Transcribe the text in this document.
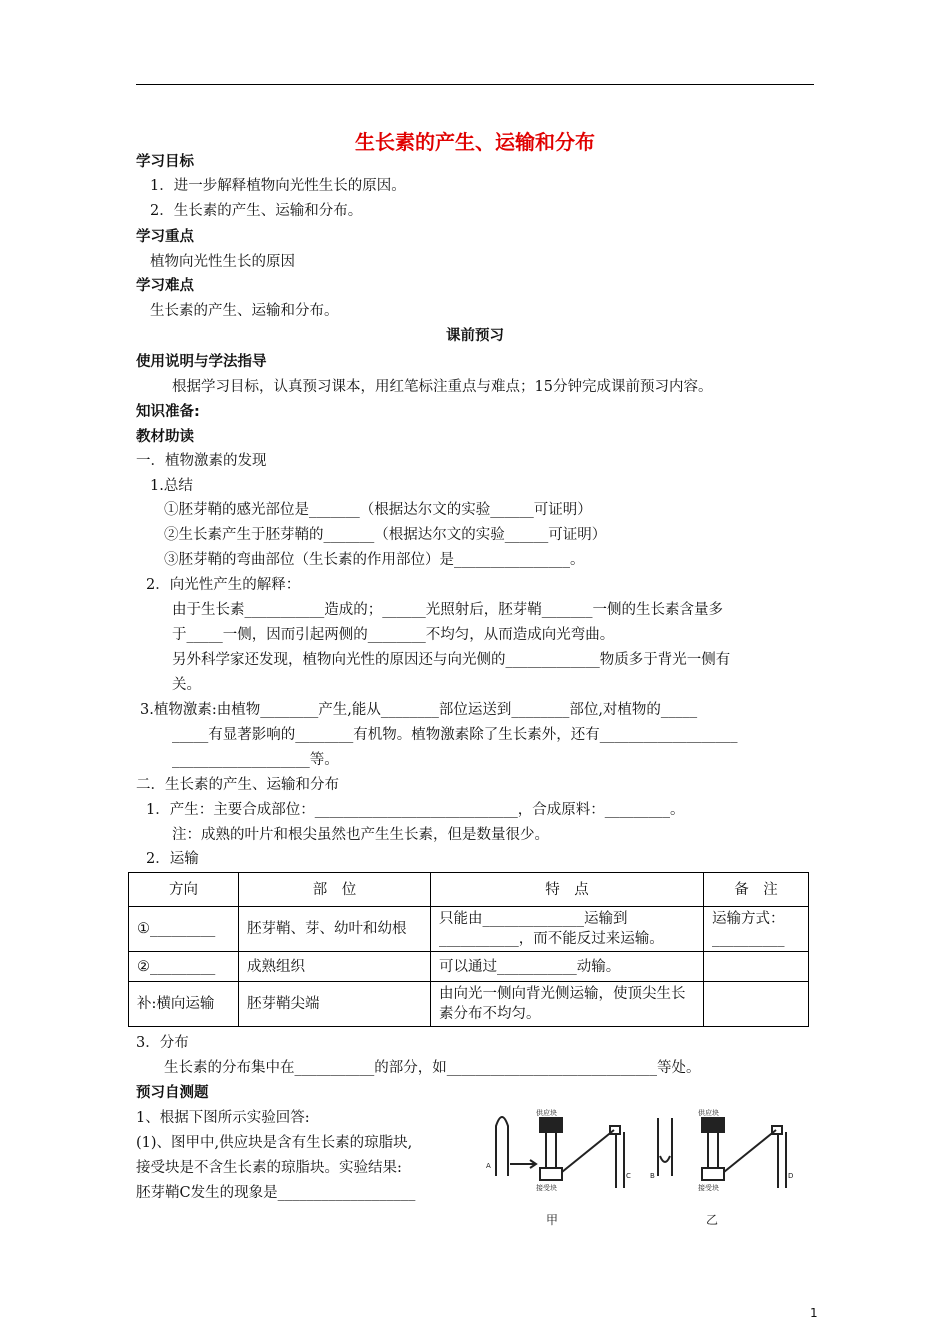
生长素的产生、运输和分布
学习目标
1．进一步解释植物向光性生长的原因。
2．生长素的产生、运输和分布。
学习重点
植物向光性生长的原因
学习难点
生长素的产生、运输和分布。
课前预习
使用说明与学法指导
根据学习目标，认真预习课本，用红笔标注重点与难点；15分钟完成课前预习内容。
知识准备:
教材助读
一．植物激素的发现
1.总结
①胚芽鞘的感光部位是_______（根据达尔文的实验______可证明）
②生长素产生于胚芽鞘的_______（根据达尔文的实验______可证明）
③胚芽鞘的弯曲部位（生长素的作用部位）是________________。
2．向光性产生的解释：
由于生长素___________造成的；______光照射后，胚芽鞘_______一侧的生长素含量多
于_____一侧，因而引起两侧的________不均匀，从而造成向光弯曲。
另外科学家还发现，植物向光性的原因还与向光侧的_____________物质多于背光一侧有
关。
3.植物激素:由植物________产生,能从________部位运送到________部位,对植物的_____
_____有显著影响的________有机物。植物激素除了生长素外，还有___________________
___________________等。
二．生长素的产生、运输和分布
1．产生：主要合成部位：____________________________，合成原料：_________。
注：成熟的叶片和根尖虽然也产生生长素，但是数量很少。
2．运输
方向	部　位	特　点	备　注
①_________	胚芽鞘、芽、幼叶和幼根	只能由______________运输到___________，而不能反过来运输。	运输方式：__________
②_________	成熟组织	可以通过___________动输。	
补:横向运输	胚芽鞘尖端	由向光一侧向背光侧运输，使顶尖生长素分布不均匀。	
3．分布
生长素的分布集中在___________的部分，如_____________________________等处。
预习自测题
1、根据下图所示实验回答:
(1)、图甲中,供应块是含有生长素的琼脂块,
接受块是不含生长素的琼脂块。实验结果:
胚芽鞘C发生的现象是___________________
供应块
接受块
供应块
接受块
A
C	B	D
甲	乙
1
